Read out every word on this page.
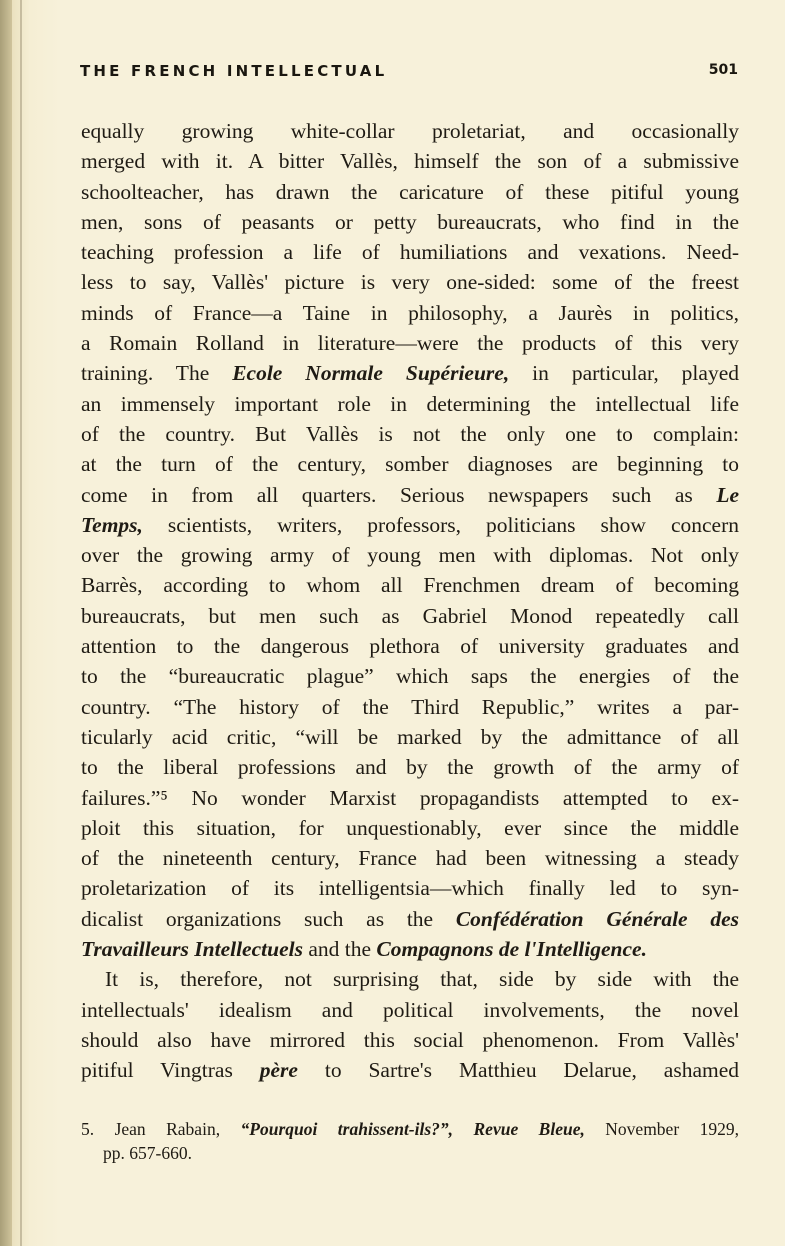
THE FRENCH INTELLECTUAL	501
equally growing white-collar proletariat, and occasionally
merged with it. A bitter Vallès, himself the son of a submissive
schoolteacher, has drawn the caricature of these pitiful young
men, sons of peasants or petty bureaucrats, who find in the
teaching profession a life of humiliations and vexations. Need-
less to say, Vallès' picture is very one-sided: some of the freest
minds of France—a Taine in philosophy, a Jaurès in politics,
a Romain Rolland in literature—were the products of this very
training. The Ecole Normale Supérieure, in particular, played
an immensely important role in determining the intellectual life
of the country. But Vallès is not the only one to complain:
at the turn of the century, somber diagnoses are beginning to
come in from all quarters. Serious newspapers such as Le
Temps, scientists, writers, professors, politicians show concern
over the growing army of young men with diplomas. Not only
Barrès, according to whom all Frenchmen dream of becoming
bureaucrats, but men such as Gabriel Monod repeatedly call
attention to the dangerous plethora of university graduates and
to the “bureaucratic plague” which saps the energies of the
country. “The history of the Third Republic,” writes a par-
ticularly acid critic, “will be marked by the admittance of all
to the liberal professions and by the growth of the army of
failures.”⁵ No wonder Marxist propagandists attempted to ex-
ploit this situation, for unquestionably, ever since the middle
of the nineteenth century, France had been witnessing a steady
proletarization of its intelligentsia—which finally led to syn-
dicalist organizations such as the Confédération Générale des
Travailleurs Intellectuels and the Compagnons de l'Intelligence.
It is, therefore, not surprising that, side by side with the
intellectuals' idealism and political involvements, the novel
should also have mirrored this social phenomenon. From Vallès'
pitiful Vingtras père to Sartre's Matthieu Delarue, ashamed
5. Jean Rabain, “Pourquoi trahissent-ils?”, Revue Bleue, November 1929,
pp. 657-660.
